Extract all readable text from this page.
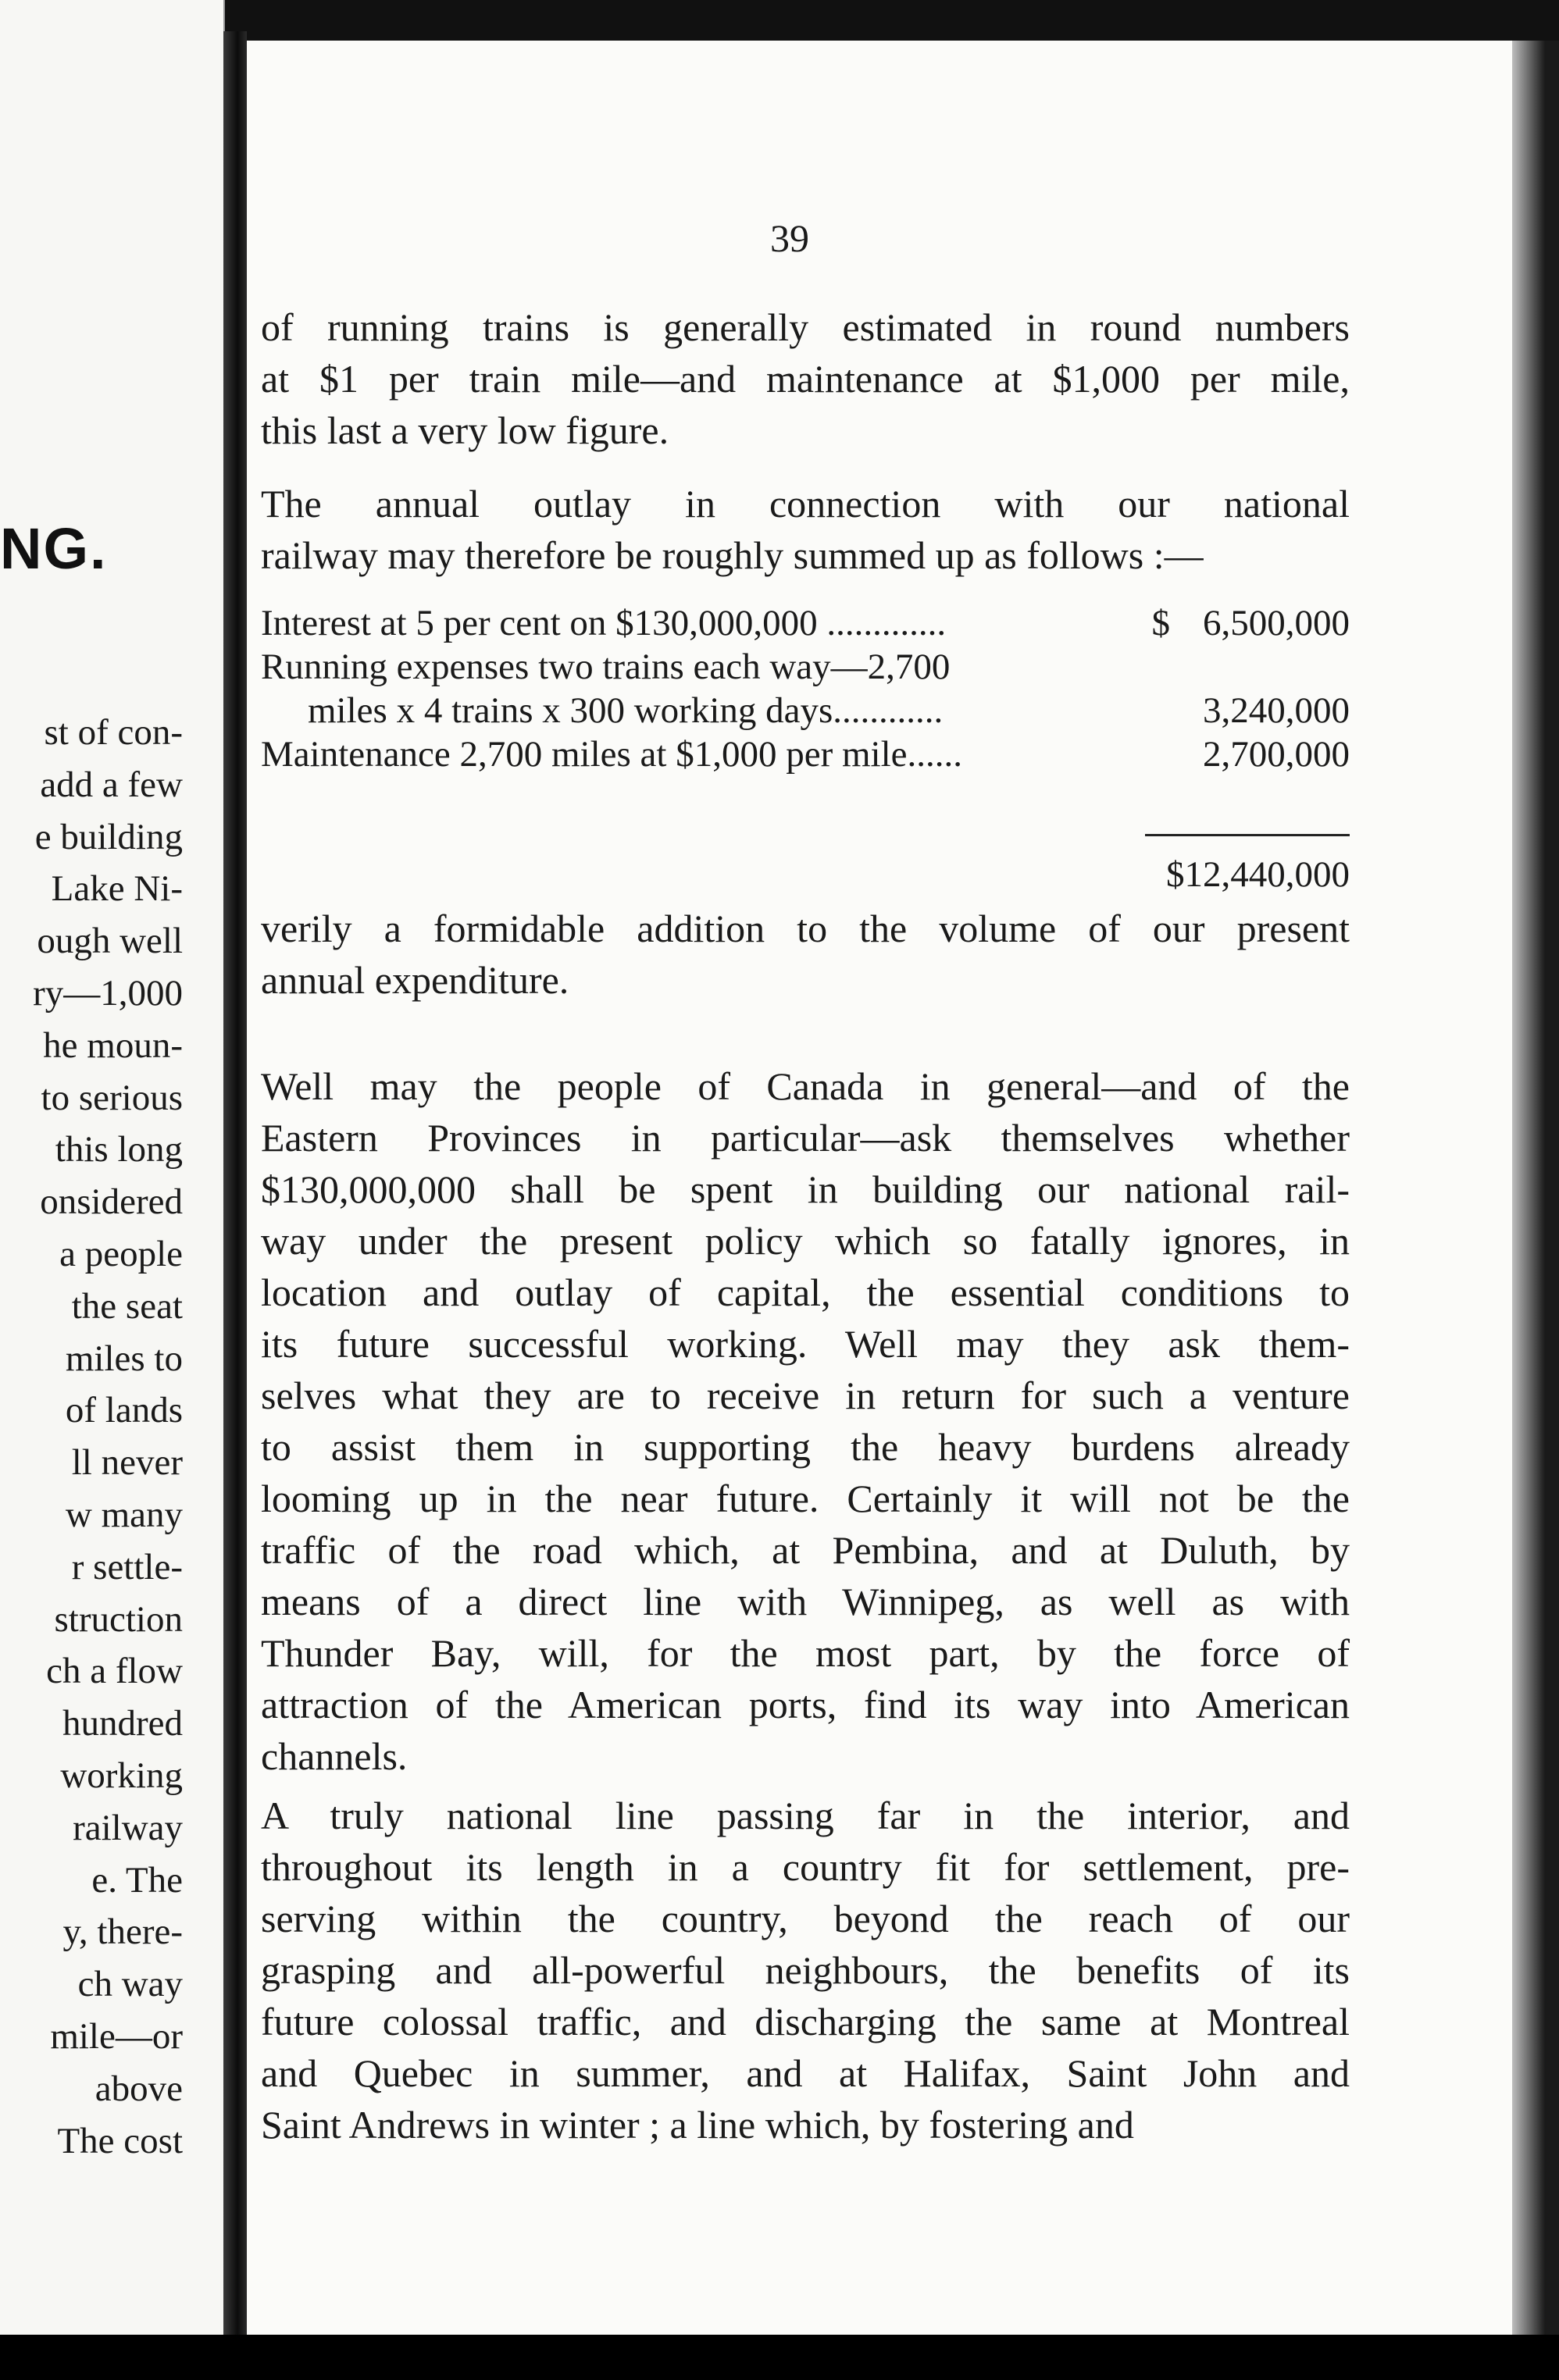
NG.
st of con-
add a few
e building
Lake Ni-
ough well
ry—1,000
he moun-
to serious
this long
onsidered
a people
the seat
miles to
of lands
ll never
w many
r settle-
struction
ch a flow
hundred
working
railway
e. The
y, there-
ch way
mile—or
above
The cost
39
of running trains is generally estimated in round numbers
at $1 per train mile—and maintenance at $1,000 per mile,
this last a very low figure.
The annual outlay in connection with our national
railway may therefore be roughly summed up as follows :—
Interest at 5 per cent on $130,000,000 .............	$ 6,500,000
Running expenses two trains each way—2,700
miles x 4 trains x 300 working days............	3,240,000
Maintenance 2,700 miles at $1,000 per mile......	2,700,000
$12,440,000
verily a formidable addition to the volume of our present
annual expenditure.
Well may the people of Canada in general—and of the
Eastern Provinces in particular—ask themselves whether
$130,000,000 shall be spent in building our national rail-
way under the present policy which so fatally ignores, in
location and outlay of capital, the essential conditions to
its future successful working. Well may they ask them-
selves what they are to receive in return for such a venture
to assist them in supporting the heavy burdens already
looming up in the near future. Certainly it will not be the
traffic of the road which, at Pembina, and at Duluth, by
means of a direct line with Winnipeg, as well as with
Thunder Bay, will, for the most part, by the force of
attraction of the American ports, find its way into American
channels.
A truly national line passing far in the interior, and
throughout its length in a country fit for settlement, pre-
serving within the country, beyond the reach of our
grasping and all-powerful neighbours, the benefits of its
future colossal traffic, and discharging the same at Montreal
and Quebec in summer, and at Halifax, Saint John and
Saint Andrews in winter ; a line which, by fostering and
